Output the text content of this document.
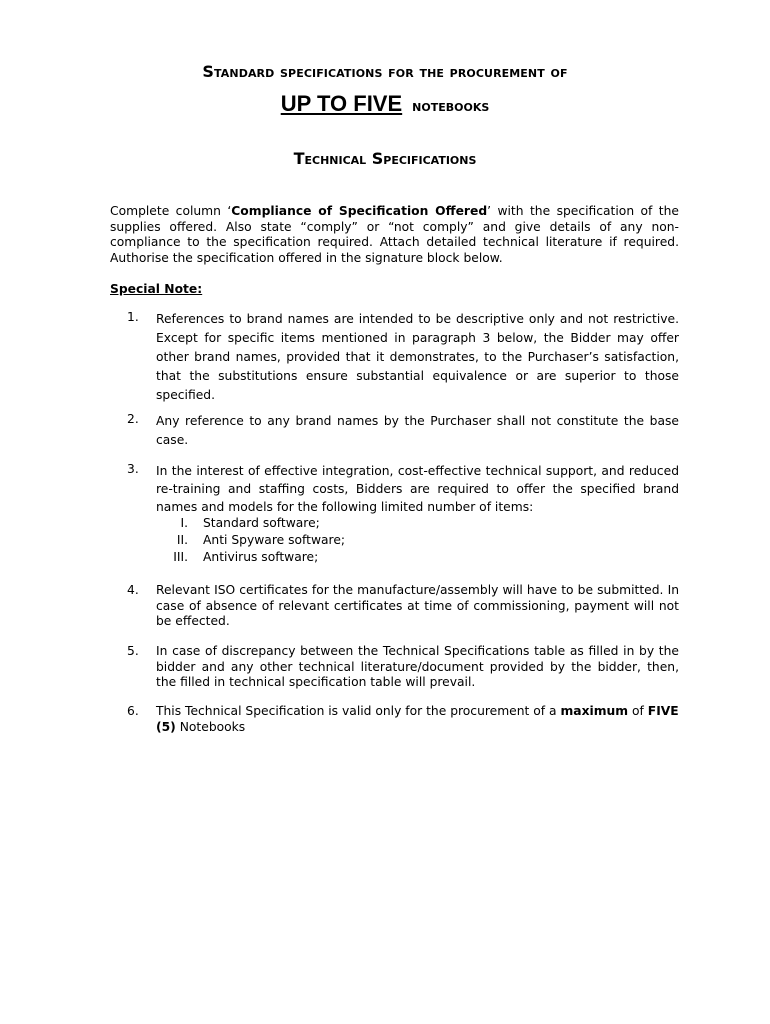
Standard specifications for the procurement of
UP TO FIVE notebooks
Technical Specifications
Complete column ‘Compliance of Specification Offered’ with the specification of the supplies offered. Also state “comply” or “not comply” and give details of any non-compliance to the specification required. Attach detailed technical literature if required. Authorise the specification offered in the signature block below.
Special Note:
1. References to brand names are intended to be descriptive only and not restrictive. Except for specific items mentioned in paragraph 3 below, the Bidder may offer other brand names, provided that it demonstrates, to the Purchaser’s satisfaction, that the substitutions ensure substantial equivalence or are superior to those specified.
2. Any reference to any brand names by the Purchaser shall not constitute the base case.
3. In the interest of effective integration, cost-effective technical support, and reduced re-training and staffing costs, Bidders are required to offer the specified brand names and models for the following limited number of items:
I. Standard software;
II. Anti Spyware software;
III. Antivirus software;
4. Relevant ISO certificates for the manufacture/assembly will have to be submitted. In case of absence of relevant certificates at time of commissioning, payment will not be effected.
5. In case of discrepancy between the Technical Specifications table as filled in by the bidder and any other technical literature/document provided by the bidder, then, the filled in technical specification table will prevail.
6. This Technical Specification is valid only for the procurement of a maximum of FIVE (5) Notebooks
